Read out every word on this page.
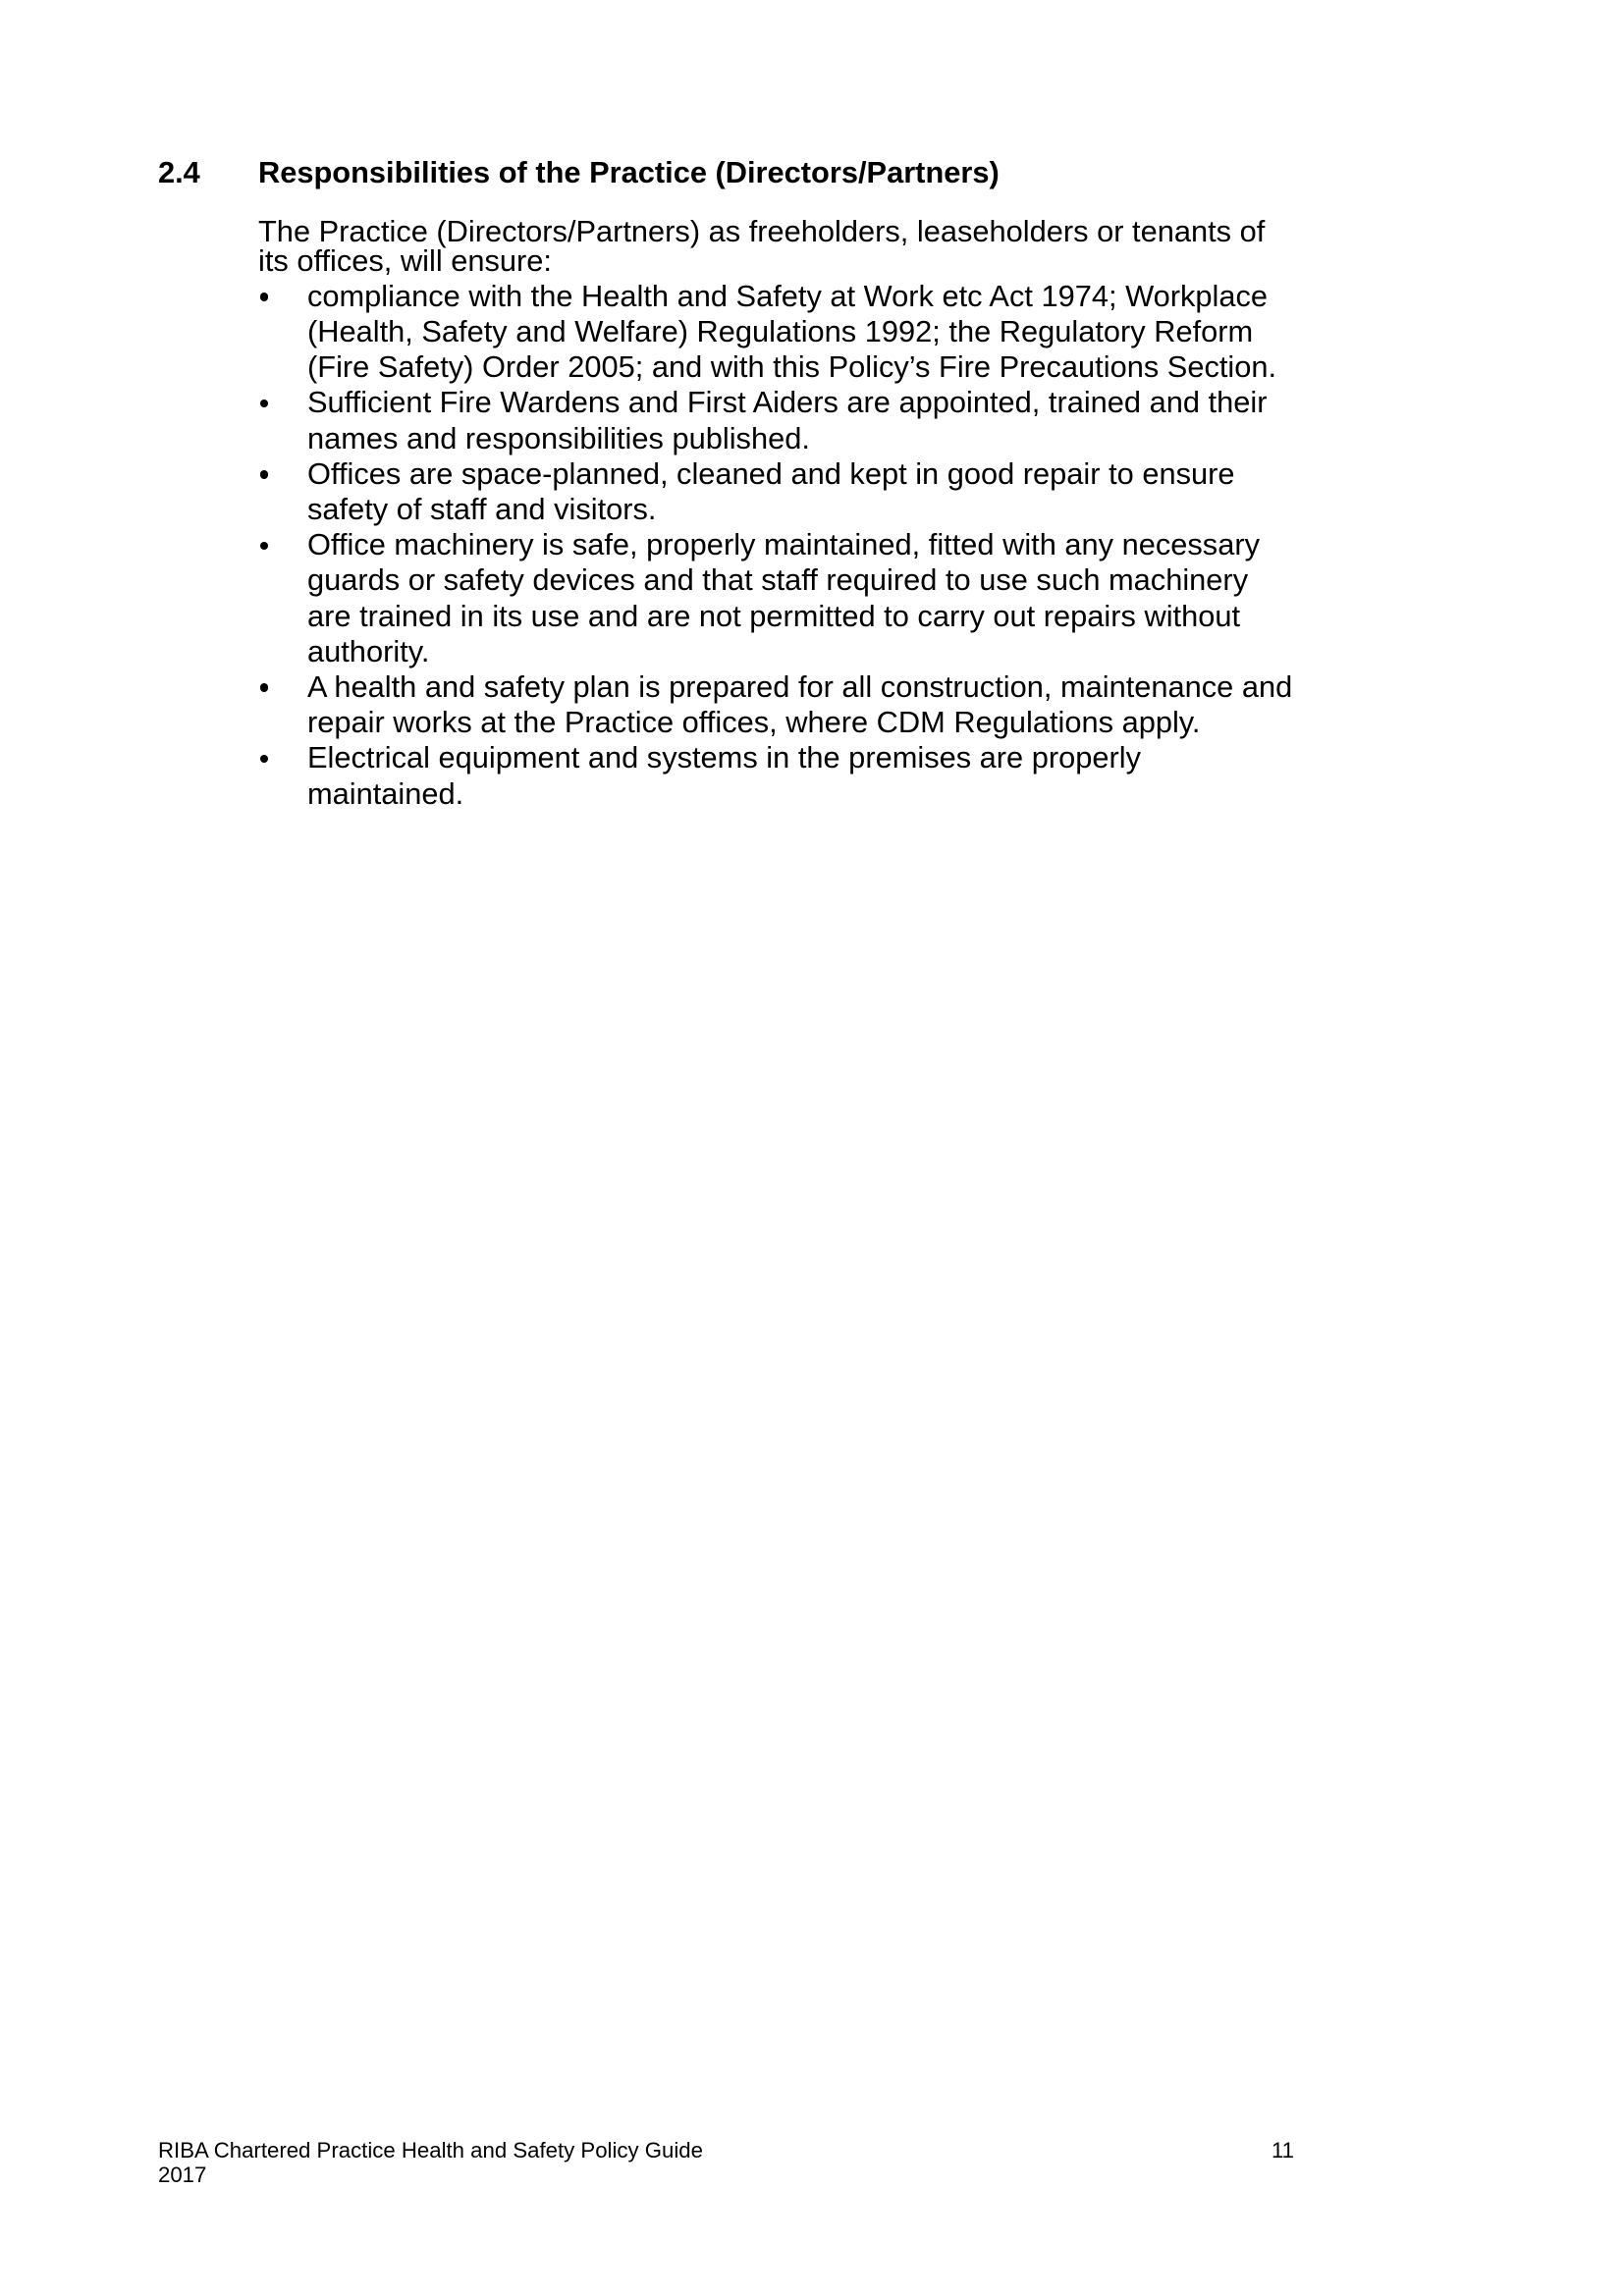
2.4 Responsibilities of the Practice (Directors/Partners)
The Practice (Directors/Partners) as freeholders, leaseholders or tenants of
its offices, will ensure:
compliance with the Health and Safety at Work etc Act 1974; Workplace
(Health, Safety and Welfare) Regulations 1992; the Regulatory Reform
(Fire Safety) Order 2005; and with this Policy’s Fire Precautions Section.
Sufficient Fire Wardens and First Aiders are appointed, trained and their
names and responsibilities published.
Offices are space-planned, cleaned and kept in good repair to ensure
safety of staff and visitors.
Office machinery is safe, properly maintained, fitted with any necessary
guards or safety devices and that staff required to use such machinery
are trained in its use and are not permitted to carry out repairs without
authority.
A health and safety plan is prepared for all construction, maintenance and
repair works at the Practice offices, where CDM Regulations apply.
Electrical equipment and systems in the premises are properly
maintained.
RIBA Chartered Practice Health and Safety Policy Guide
2017
11
